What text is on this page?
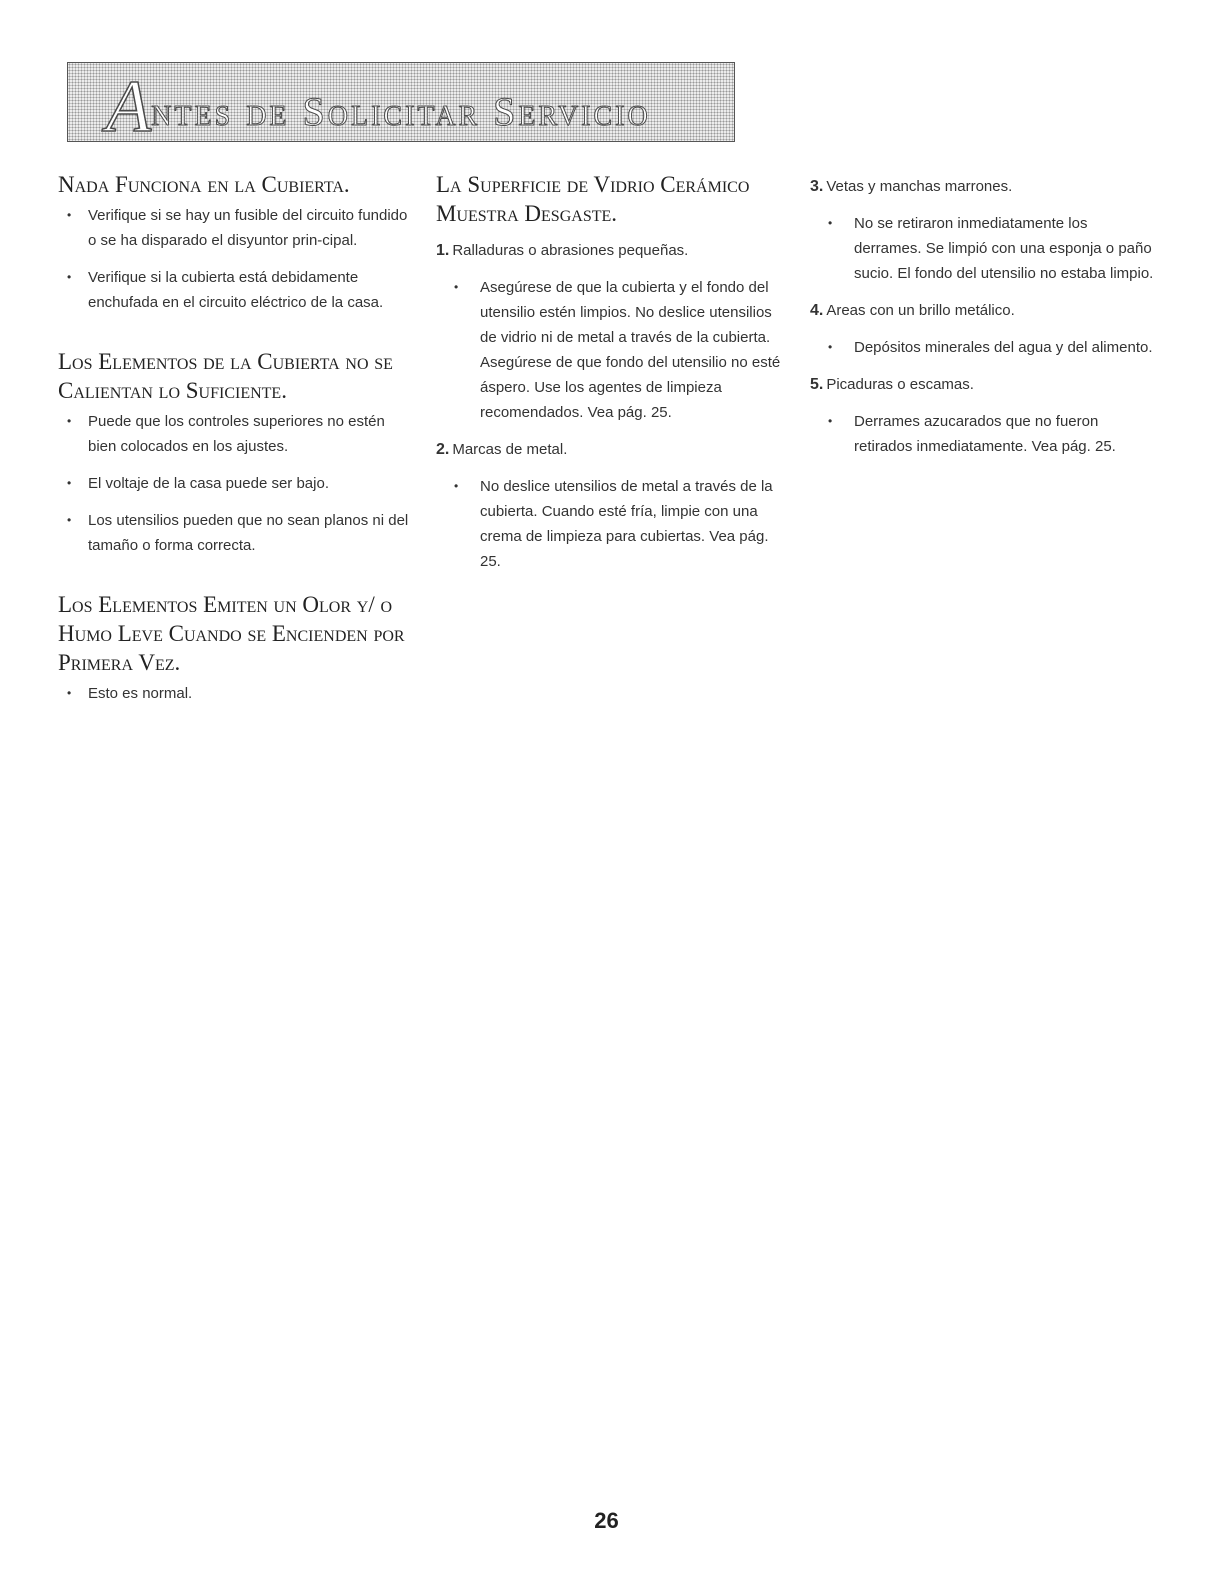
Antes de Solicitar Servicio
Nada Funciona en la Cubierta.

• Verifique si se hay un fusible del circuito fundido o se ha disparado el disyuntor prin-cipal.

• Verifique si la cubierta está debidamente enchufada en el circuito eléctrico de la casa.

Los Elementos de la Cubierta no se Calientan lo Suficiente.

• Puede que los controles superiores no estén bien colocados en los ajustes.

• El voltaje de la casa puede ser bajo.

• Los utensilios pueden que no sean planos ni del tamaño o forma correcta.

Los Elementos Emiten un Olor y/ o Humo Leve Cuando se Encienden por Primera Vez.

• Esto es normal.

La Superficie de Vidrio Cerámico Muestra Desgaste.

1. Ralladuras o abrasiones pequeñas.

• Asegúrese de que la cubierta y el fondo del utensilio estén limpios. No deslice utensilios de vidrio ni de metal a través de la cubierta. Asegúrese de que fondo del utensilio no esté áspero. Use los agentes de limpieza recomendados. Vea pág. 25.

2. Marcas de metal.

• No deslice utensilios de metal a través de la cubierta. Cuando esté fría, limpie con una crema de limpieza para cubiertas. Vea pág. 25.

3. Vetas y manchas marrones.

• No se retiraron inmediatamente los derrames. Se limpió con una esponja o paño sucio. El fondo del utensilio no estaba limpio.

4. Areas con un brillo metálico.

• Depósitos minerales del agua y del alimento.

5. Picaduras o escamas.

• Derrames azucarados que no fueron retirados inmediatamente. Vea pág. 25.

26
